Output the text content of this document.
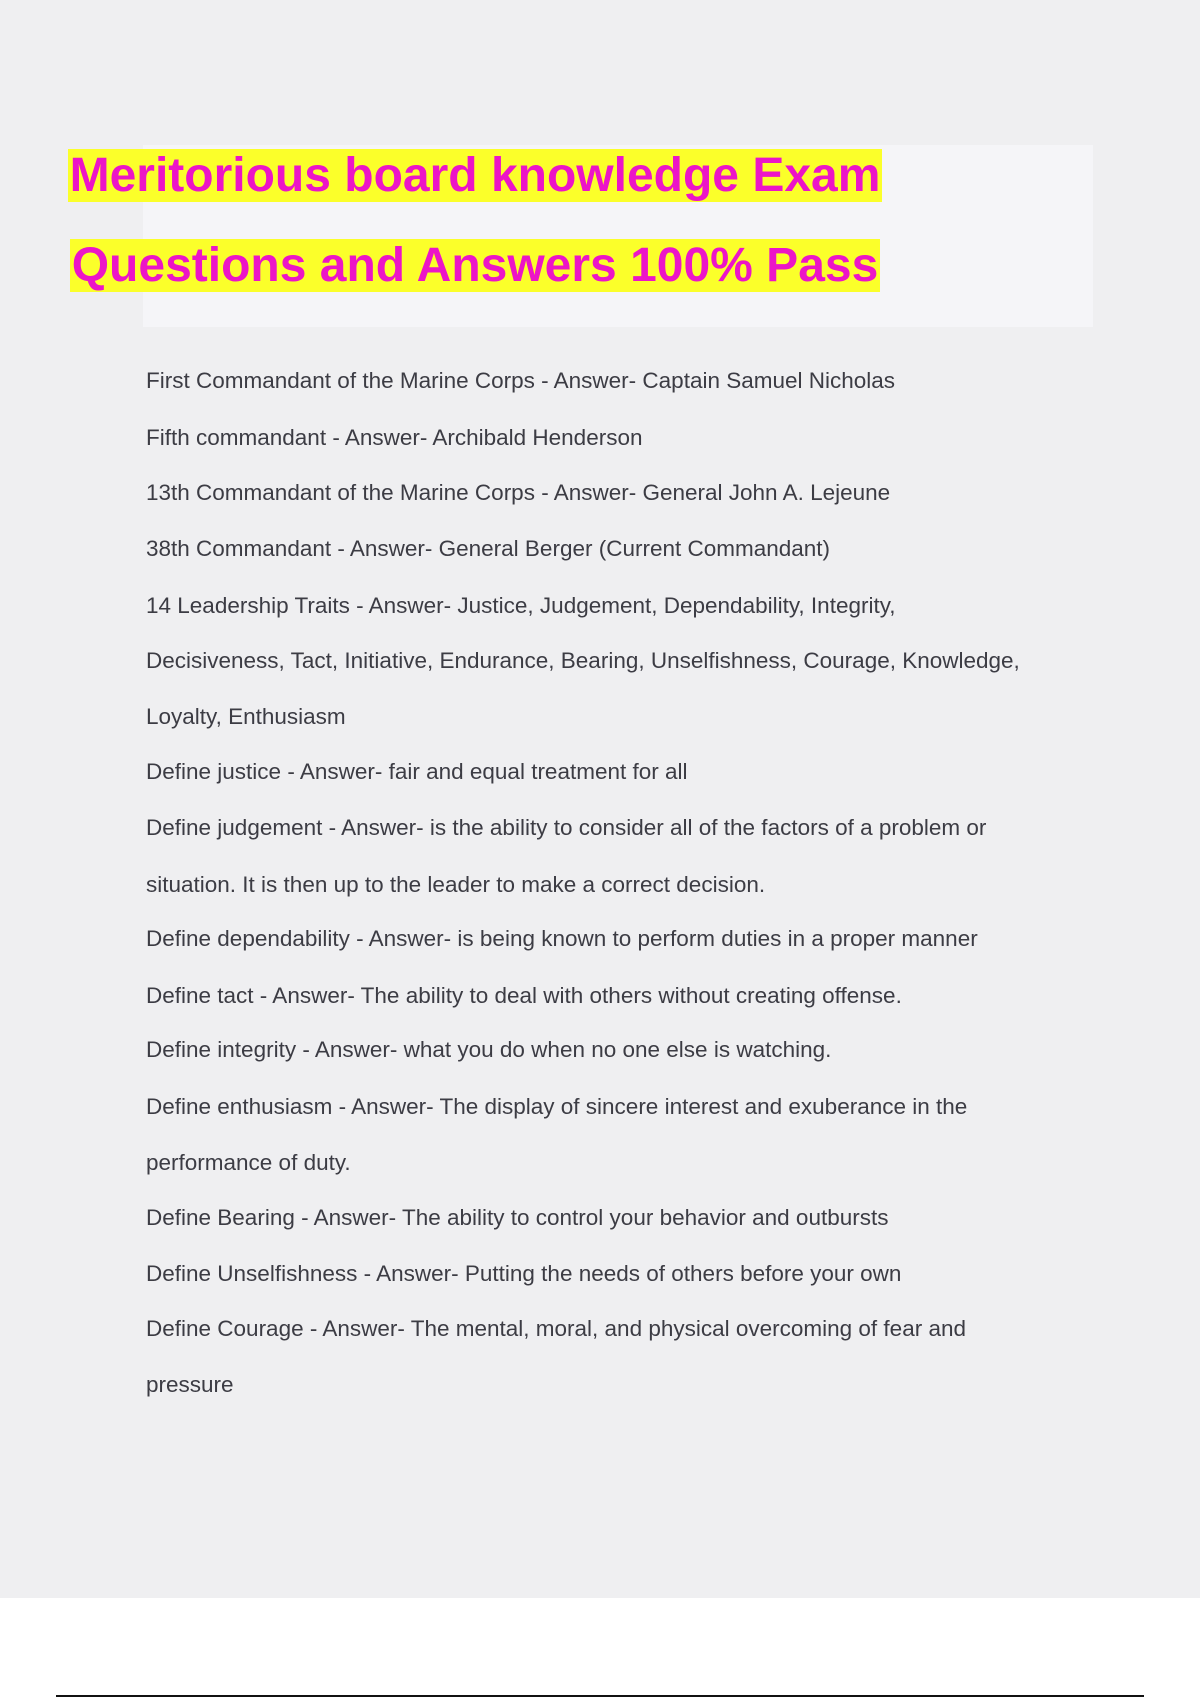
Meritorious board knowledge Exam
Questions and Answers 100% Pass
First Commandant of the Marine Corps - Answer- Captain Samuel Nicholas
Fifth commandant - Answer- Archibald Henderson
13th Commandant of the Marine Corps - Answer- General John A. Lejeune
38th Commandant - Answer- General Berger (Current Commandant)
14 Leadership Traits - Answer- Justice, Judgement, Dependability, Integrity,
Decisiveness, Tact, Initiative, Endurance, Bearing, Unselfishness, Courage, Knowledge,
Loyalty, Enthusiasm
Define justice - Answer- fair and equal treatment for all
Define judgement - Answer- is the ability to consider all of the factors of a problem or
situation. It is then up to the leader to make a correct decision.
Define dependability - Answer- is being known to perform duties in a proper manner
Define tact - Answer- The ability to deal with others without creating offense.
Define integrity - Answer- what you do when no one else is watching.
Define enthusiasm - Answer- The display of sincere interest and exuberance in the
performance of duty.
Define Bearing - Answer- The ability to control your behavior and outbursts
Define Unselfishness - Answer- Putting the needs of others before your own
Define Courage - Answer- The mental, moral, and physical overcoming of fear and
pressure
